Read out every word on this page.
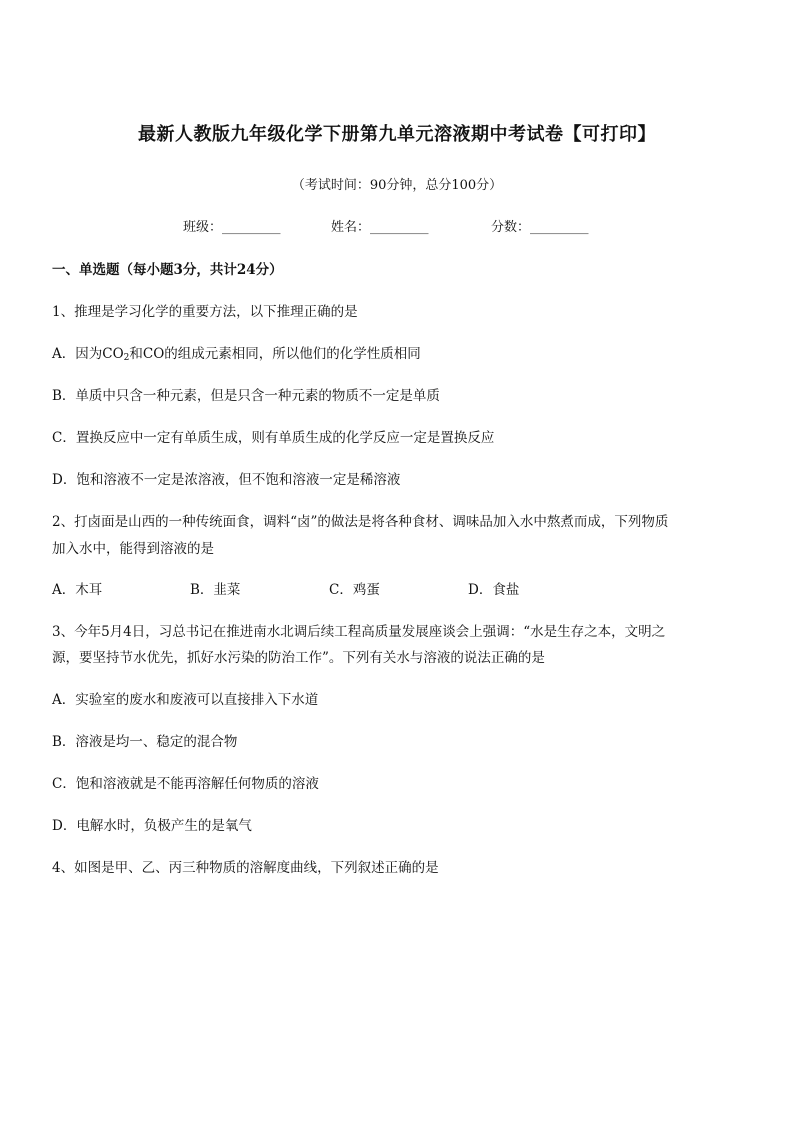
最新人教版九年级化学下册第九单元溶液期中考试卷【可打印】
（考试时间：90分钟，总分100分）
班级：_________	姓名：_________	分数：_________
一、单选题（每小题3分，共计24分）
1、推理是学习化学的重要方法，以下推理正确的是
A．因为$CO_2$和CO的组成元素相同，所以他们的化学性质相同
B．单质中只含一种元素，但是只含一种元素的物质不一定是单质
C．置换反应中一定有单质生成，则有单质生成的化学反应一定是置换反应
D．饱和溶液不一定是浓溶液，但不饱和溶液一定是稀溶液
2、打卤面是山西的一种传统面食，调料“卤”的做法是将各种食材、调味品加入水中熬煮而成，下列物质
加入水中，能得到溶液的是
A．木耳	B．韭菜	C．鸡蛋	D．食盐
3、今年5月4日，习总书记在推进南水北调后续工程高质量发展座谈会上强调：“水是生存之本，文明之
源，要坚持节水优先，抓好水污染的防治工作”。下列有关水与溶液的说法正确的是
A．实验室的废水和废液可以直接排入下水道
B．溶液是均一、稳定的混合物
C．饱和溶液就是不能再溶解任何物质的溶液
D．电解水时，负极产生的是氧气
4、如图是甲、乙、丙三种物质的溶解度曲线，下列叙述正确的是
